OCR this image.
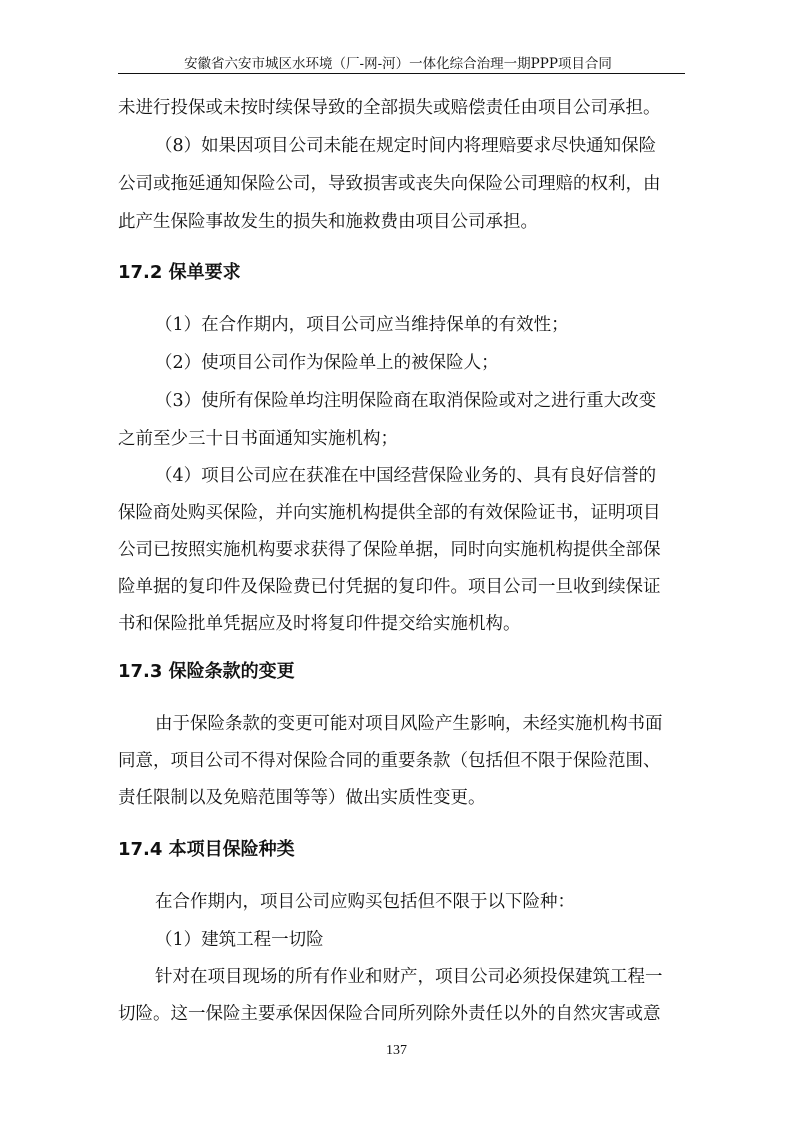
安徽省六安市城区水环境（厂-网-河）一体化综合治理一期PPP项目合同
未进行投保或未按时续保导致的全部损失或赔偿责任由项目公司承担。
（8）如果因项目公司未能在规定时间内将理赔要求尽快通知保险
公司或拖延通知保险公司，导致损害或丧失向保险公司理赔的权利，由
此产生保险事故发生的损失和施救费由项目公司承担。
17.2 保单要求
（1）在合作期内，项目公司应当维持保单的有效性；
（2）使项目公司作为保险单上的被保险人；
（3）使所有保险单均注明保险商在取消保险或对之进行重大改变
之前至少三十日书面通知实施机构；
（4）项目公司应在获准在中国经营保险业务的、具有良好信誉的
保险商处购买保险，并向实施机构提供全部的有效保险证书，证明项目
公司已按照实施机构要求获得了保险单据，同时向实施机构提供全部保
险单据的复印件及保险费已付凭据的复印件。项目公司一旦收到续保证
书和保险批单凭据应及时将复印件提交给实施机构。
17.3 保险条款的变更
由于保险条款的变更可能对项目风险产生影响，未经实施机构书面
同意，项目公司不得对保险合同的重要条款（包括但不限于保险范围、
责任限制以及免赔范围等等）做出实质性变更。
17.4 本项目保险种类
在合作期内，项目公司应购买包括但不限于以下险种：
（1）建筑工程一切险
针对在项目现场的所有作业和财产，项目公司必须投保建筑工程一
切险。这一保险主要承保因保险合同所列除外责任以外的自然灾害或意
137
